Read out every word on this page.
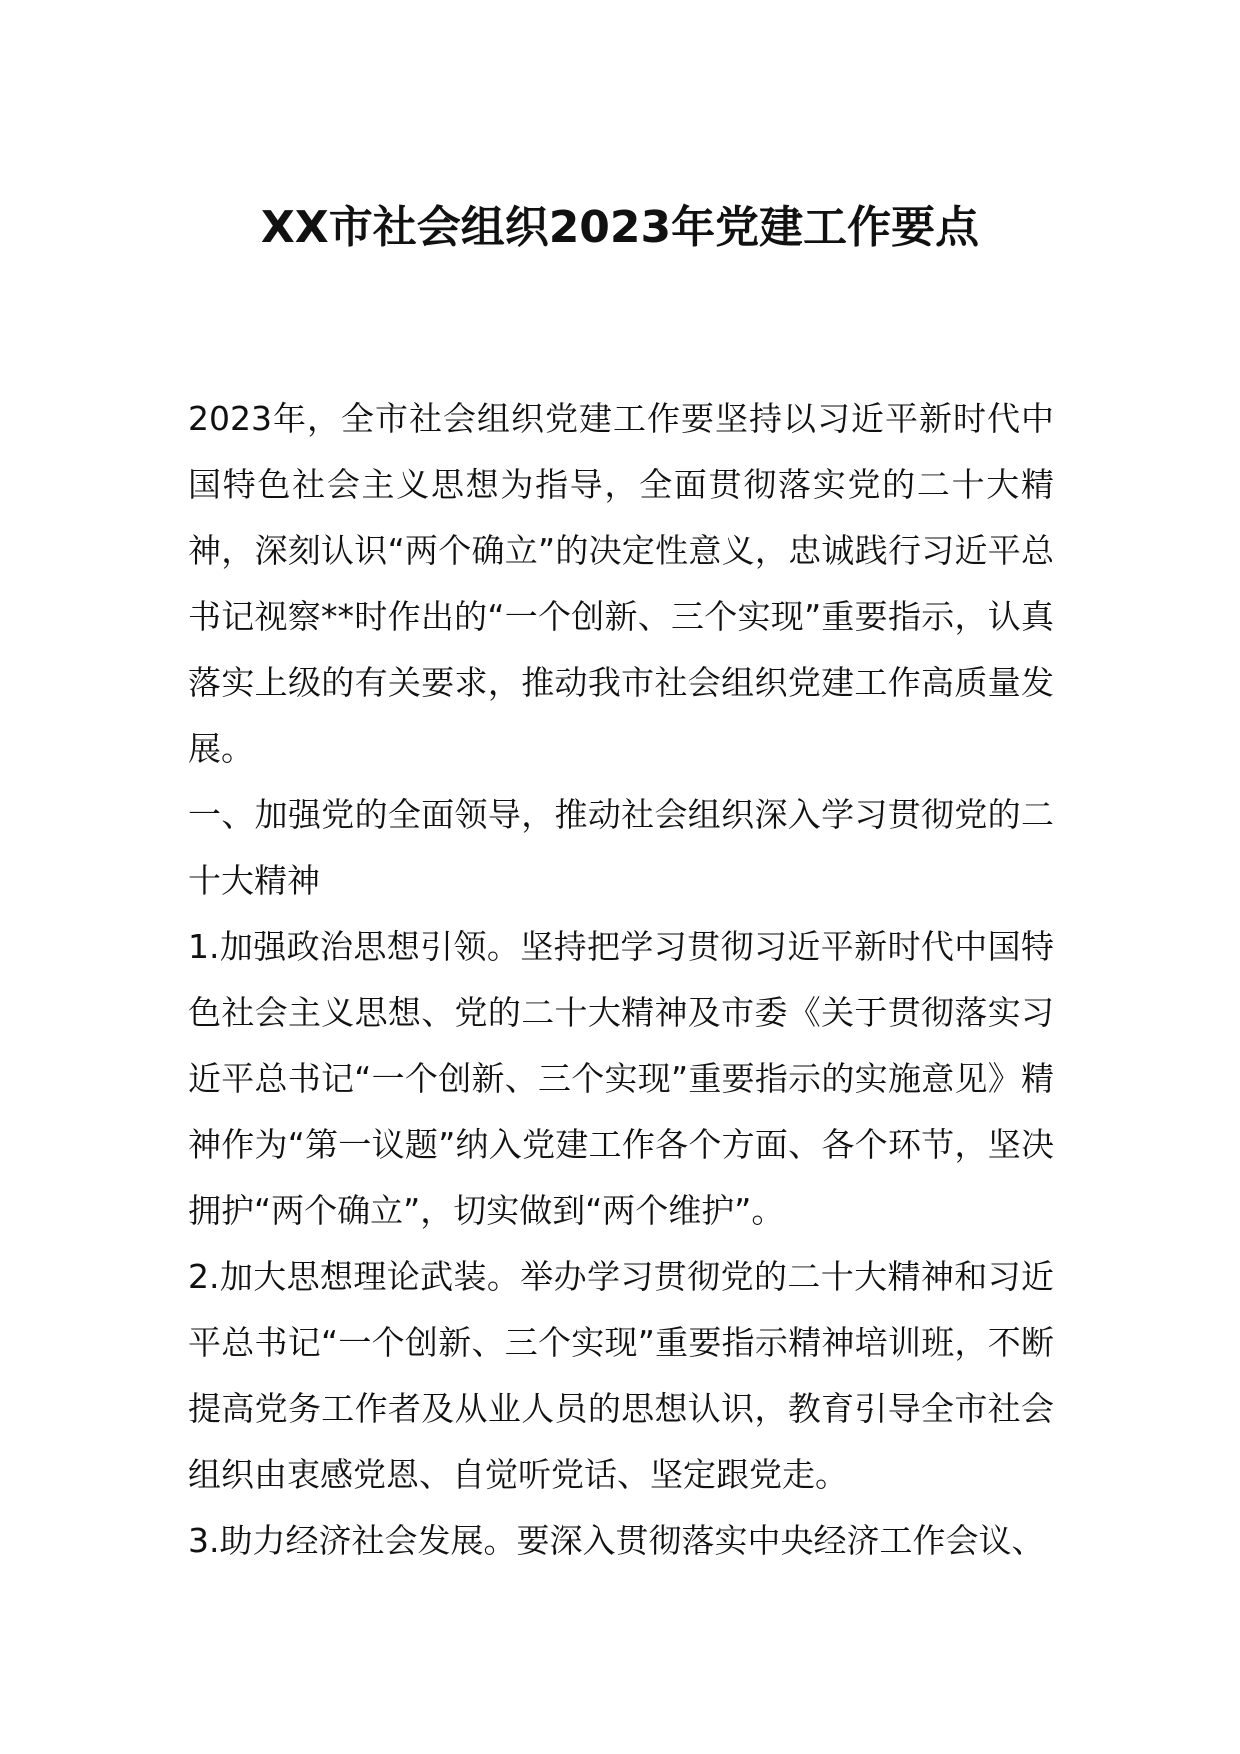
XX市社会组织2023年党建工作要点

2023年，全市社会组织党建工作要坚持以习近平新时代中国特色社会主义思想为指导，全面贯彻落实党的二十大精神，深刻认识“两个确立”的决定性意义，忠诚践行习近平总书记视察**时作出的“一个创新、三个实现”重要指示，认真落实上级的有关要求，推动我市社会组织党建工作高质量发展。

一、加强党的全面领导，推动社会组织深入学习贯彻党的二十大精神

1.加强政治思想引领。坚持把学习贯彻习近平新时代中国特色社会主义思想、党的二十大精神及市委《关于贯彻落实习近平总书记“一个创新、三个实现”重要指示的实施意见》精神作为“第一议题”纳入党建工作各个方面、各个环节，坚决拥护“两个确立”，切实做到“两个维护”。

2.加大思想理论武装。举办学习贯彻党的二十大精神和习近平总书记“一个创新、三个实现”重要指示精神培训班，不断提高党务工作者及从业人员的思想认识，教育引导全市社会组织由衷感党恩、自觉听党话、坚定跟党走。

3.助力经济社会发展。要深入贯彻落实中央经济工作会议、
